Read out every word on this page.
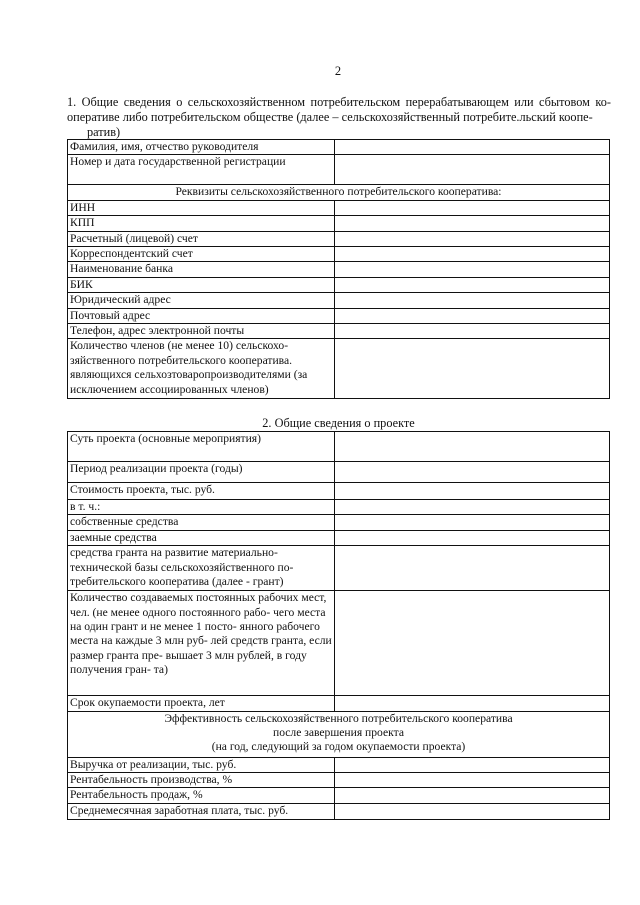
2
1. Общие сведения о сельскохозяйственном потребительском перерабатывающем или сбытовом ко- оперативе либо потребительском обществе (далее – сельскохозяйственный потребите.льский коопе-
ратив)
Фамилия, имя, отчество руководителя	
Номер и дата государственной регистрации	
Реквизиты сельскохозяйственного потребительского кооператива:	
ИНН	
КПП	
Расчетный (лицевой) счет	
Корреспондентский счет	
Наименование банка	
БИК	
Юридический адрес	
Почтовый адрес	
Телефон, адрес электронной почты	
Количество членов (не менее 10) сельскохо- зяйственного потребительского кооператива. являющихся сельхозтоваропроизводителями (за исключением ассоциированных членов)	
2. Общие сведения о проекте
Суть проекта (основные мероприятия)	
Период реализации проекта (годы)	
Стоимость проекта, тыс. руб.	
в т. ч.:	
собственные средства	
заемные средства	
средства гранта на развитие материально- технической базы сельскохозяйственного по- требительского кооператива (далее - грант)	
Количество создаваемых постоянных рабочих мест, чел. (не менее одного постоянного рабо- чего места на один грант и не менее 1 посто- янного рабочего места на каждые 3 млн руб- лей средств гранта, если размер гранта пре- вышает 3 млн рублей, в году получения гран- та)	
Срок окупаемости проекта, лет	

Эффективность сельскохозяйственного потребительского кооператива
после завершения проекта
(на год, следующий за годом окупаемости проекта)	

Выручка от реализации, тыс. руб.	
Рентабельность производства, %	
Рентабельность продаж, %	
Среднемесячная заработная плата, тыс. руб.	
